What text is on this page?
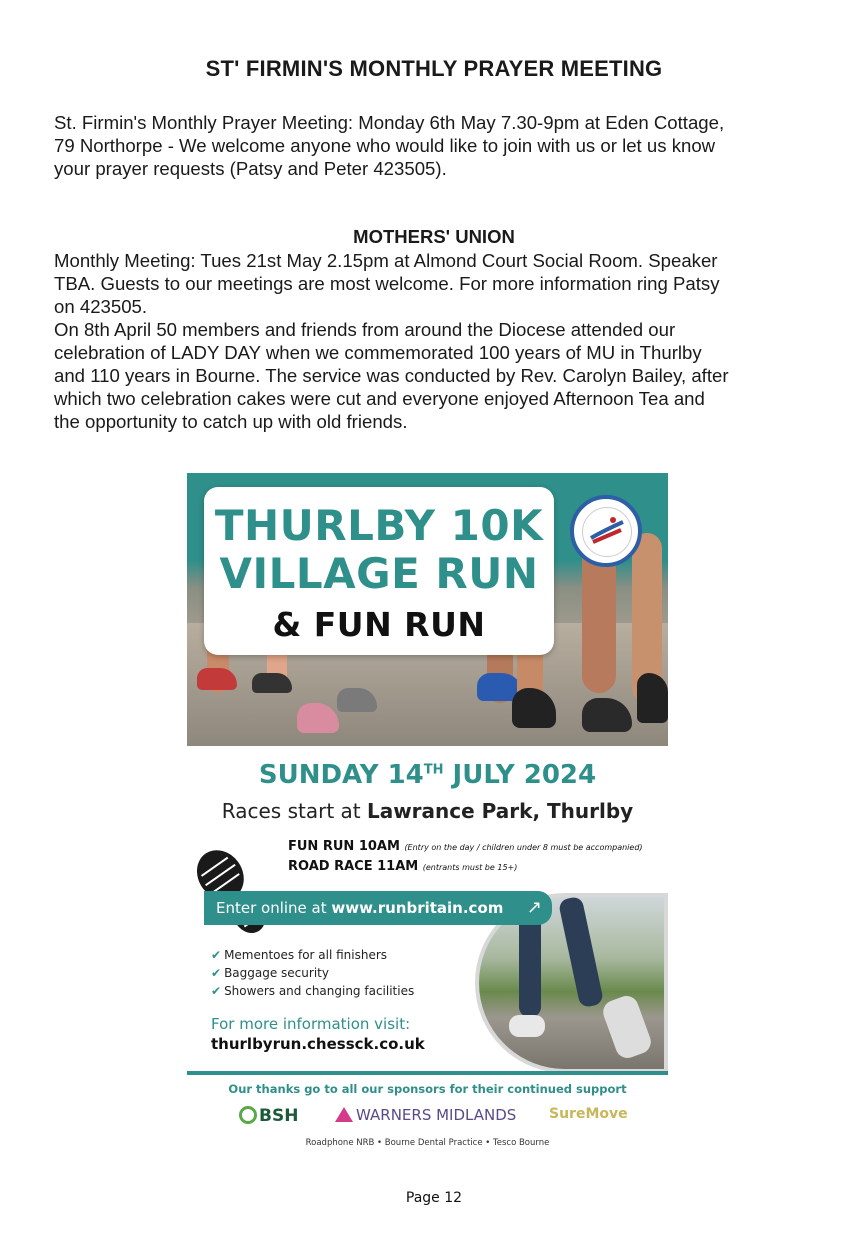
ST' FIRMIN'S MONTHLY PRAYER MEETING
St. Firmin's Monthly Prayer Meeting: Monday 6th May 7.30-9pm at Eden Cottage,
79 Northorpe - We welcome anyone who would like to join with us or let us know
your prayer requests (Patsy and Peter 423505).
MOTHERS' UNION
Monthly Meeting: Tues 21st May 2.15pm at Almond Court Social Room. Speaker
TBA. Guests to our meetings are most welcome. For more information ring Patsy
on 423505.
On 8th April 50 members and friends from around the Diocese attended our
celebration of LADY DAY when we commemorated 100 years of MU in Thurlby
and 110 years in Bourne. The service was conducted by Rev. Carolyn Bailey, after
which two celebration cakes were cut and everyone enjoyed Afternoon Tea and
the opportunity to catch up with old friends.
THURLBY 10K
VILLAGE RUN
& FUN RUN
SUNDAY 14TH JULY 2024
Races start at Lawrance Park, Thurlby
FUN RUN 10AM (Entry on the day / children under 8 must be accompanied)
ROAD RACE 11AM (entrants must be 15+)
Enter online at www.runbritain.com ↗
✔ Mementoes for all finishers
✔ Baggage security
✔ Showers and changing facilities
For more information visit:
thurlbyrun.chessck.co.uk
Our thanks go to all our sponsors for their continued support
BSH	WARNERS MIDLANDS SureMove
Roadphone NRB • Bourne Dental Practice • Tesco Bourne
Page 12
